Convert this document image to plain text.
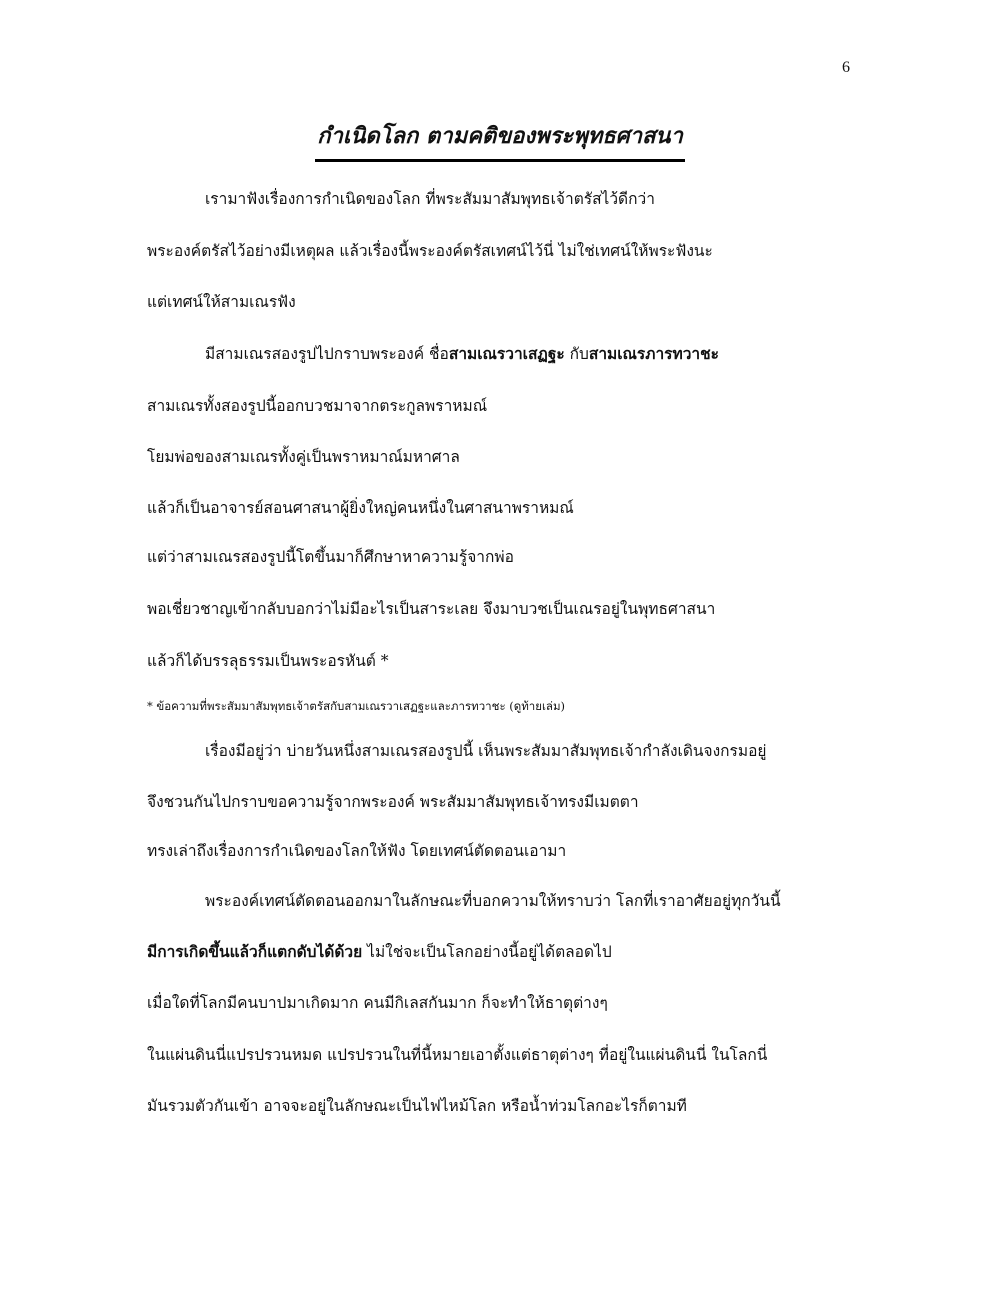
6
กำเนิดโลก ตามคติของพระพุทธศาสนา
เรามาฟังเรื่องการกำเนิดของโลก ที่พระสัมมาสัมพุทธเจ้าตรัสไว้ดีกว่า
พระองค์ตรัสไว้อย่างมีเหตุผล แล้วเรื่องนี้พระองค์ตรัสเทศน์ไว้นี่ ไม่ใช่เทศน์ให้พระฟังนะ
แต่เทศน์ให้สามเณรฟัง
มีสามเณรสองรูปไปกราบพระองค์ ชื่อสามเณรวาเสฏฐะ กับสามเณรภารทวาชะ
สามเณรทั้งสองรูปนี้ออกบวชมาจากตระกูลพราหมณ์
โยมพ่อของสามเณรทั้งคู่เป็นพราหมาณ์มหาศาล
แล้วก็เป็นอาจารย์สอนศาสนาผู้ยิ่งใหญ่คนหนึ่งในศาสนาพราหมณ์
แต่ว่าสามเณรสองรูปนี้โตขึ้นมาก็ศึกษาหาความรู้จากพ่อ
พอเชี่ยวชาญเข้ากลับบอกว่าไม่มีอะไรเป็นสาระเลย จึงมาบวชเป็นเณรอยู่ในพุทธศาสนา
แล้วก็ได้บรรลุธรรมเป็นพระอรหันต์ *
* ข้อความที่พระสัมมาสัมพุทธเจ้าตรัสกับสามเณรวาเสฏฐะและภารทวาชะ (ดูท้ายเล่ม)
เรื่องมีอยู่ว่า บ่ายวันหนึ่งสามเณรสองรูปนี้ เห็นพระสัมมาสัมพุทธเจ้ากำลังเดินจงกรมอยู่
จึงชวนกันไปกราบขอความรู้จากพระองค์ พระสัมมาสัมพุทธเจ้าทรงมีเมตตา
ทรงเล่าถึงเรื่องการกำเนิดของโลกให้ฟัง โดยเทศน์ตัดตอนเอามา
พระองค์เทศน์ตัดตอนออกมาในลักษณะที่บอกความให้ทราบว่า โลกที่เราอาศัยอยู่ทุกวันนี้
มีการเกิดขึ้นแล้วก็แตกดับได้ด้วย ไม่ใช่จะเป็นโลกอย่างนี้อยู่ได้ตลอดไป
เมื่อใดที่โลกมีคนบาปมาเกิดมาก คนมีกิเลสกันมาก ก็จะทำให้ธาตุต่างๆ
ในแผ่นดินนี่แปรปรวนหมด แปรปรวนในที่นี้หมายเอาตั้งแต่ธาตุต่างๆ ที่อยู่ในแผ่นดินนี่ ในโลกนี่
มันรวมตัวกันเข้า อาจจะอยู่ในลักษณะเป็นไฟไหม้โลก หรือน้ำท่วมโลกอะไรก็ตามที
